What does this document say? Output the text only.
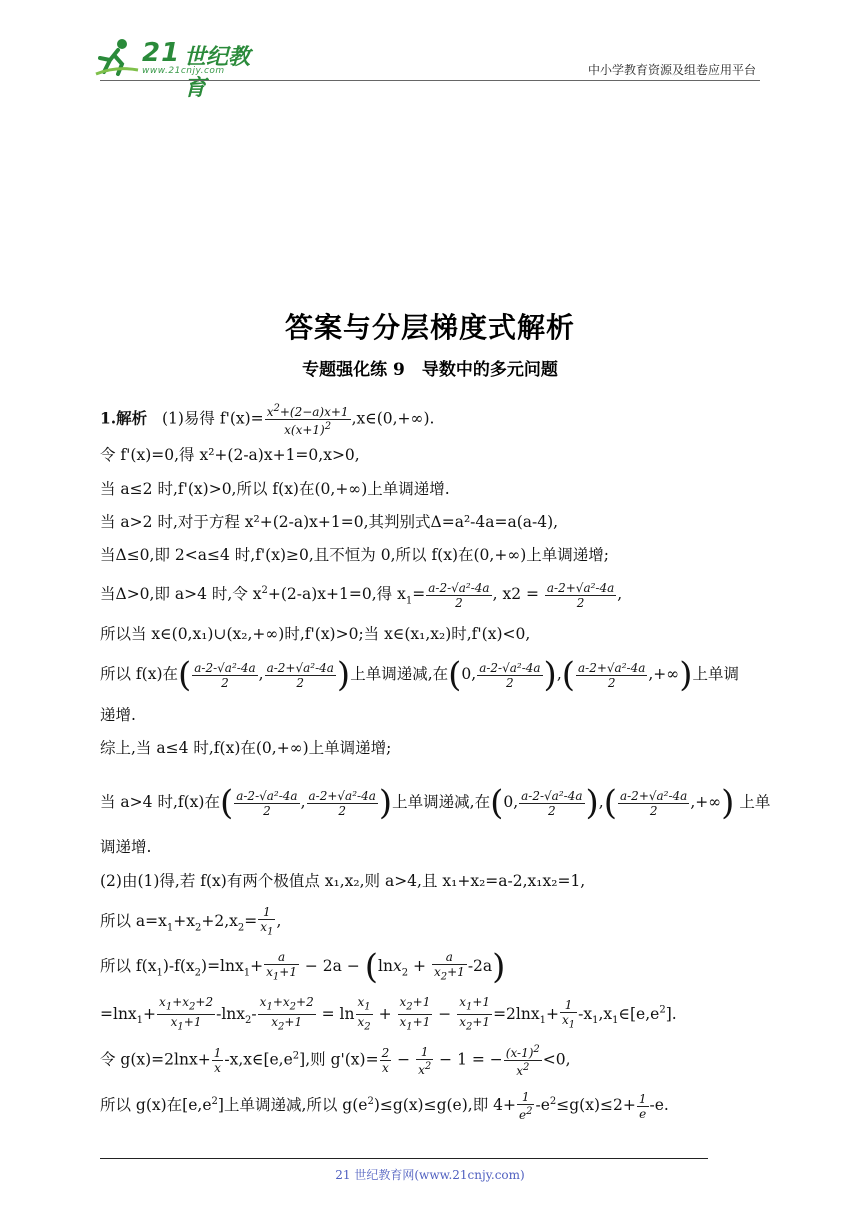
21 世纪教育
www.21cnjy.com	中小学教育资源及组卷应用平台
答案与分层梯度式解析
专题强化练 9　导数中的多元问题
1.解析   (1)易得 $f'(x)= \frac{x^2+(2-a)x+1}{x(x+1)^2}$ ,x∈(0,+∞).
令 f'(x)=0,得 x²+(2-a)x+1=0,x>0,
当 a≤2 时,f'(x)>0,所以 f(x)在(0,+∞)上单调递增.
当 a>2 时,对于方程 x²+(2-a)x+1=0,其判别式Δ=a²-4a=a(a-4),
当Δ≤0,即 2<a≤4 时,f'(x)≥0,且不恒为 0,所以 f(x)在(0,+∞)上单调递增;
当Δ>0,即 a>4 时,令 $x^2+(2-a)x+1=0$,得 $x_1= \frac{\text{a-2-√a²-4a}}{2}$ , $x2 = \frac{\text{a-2+√a²-4a}}{2}$ ,
所以当 x∈(0,x₁)∪(x₂,+∞)时,f'(x)>0;当 x∈(x₁,x₂)时,f'(x)<0,
所以 f(x)在( $\frac{\text{a-2-√a²-4a}}{2}$ , $\frac{\text{a-2+√a²-4a}}{2}$ )上单调递减,在(0, $\frac{\text{a-2-√a²-4a}}{2}$ ),( $\frac{\text{a-2+√a²-4a}}{2}$ ,+∞)上单调
递增.
综上,当 a≤4 时,f(x)在(0,+∞)上单调递增;
当 a>4 时,f(x)在( $\frac{\text{a-2-√a²-4a}}{2}$ , $\frac{\text{a-2+√a²-4a}}{2}$ )上单调递减,在(0, $\frac{\text{a-2-√a²-4a}}{2}$ ),( $\frac{\text{a-2+√a²-4a}}{2}$ ,+∞) 上单
调递增.
(2)由(1)得,若 f(x)有两个极值点 x₁,x₂,则 a>4,且 x₁+x₂=a-2,x₁x₂=1,
所以 $a=x_1+x_2+2,x_2= \frac{1}{x_1}$ ,
所以 $f(x_1)-f(x_2)=\ln x_1+ \frac{a}{x_1+1} - 2a - (\ln x_2 + \frac{a}{x_2+1} -2a)$
$=\ln x_1+ \frac{x_1+x_2+2}{x_1+1} -\ln x_2- \frac{x_1+x_2+2}{x_2+1} = \ln \frac{x_1}{x_2} + \frac{x_2+1}{x_1+1} - \frac{x_1+1}{x_2+1} =2\ln x_1+ \frac{1}{x_1}$ $-x_1,x_1\in[e,e^2]$.
令 $g(x)=2\ln x+ \frac{1}{x}$ $-x,x\in[e,e^2]$,则 $g'(x)= \frac{2}{x} - \frac{1}{x^2} - 1$ = − $\frac{(x-1)^2}{x^2} <0$,
所以 g(x)在$[e,e^2]$上单调递减,所以 $g(e^2)\le g(x)\le g(e)$,即 $4+ \frac{1}{e^2} -e^2\le g(x)\le 2+ \frac{1}{e} -e$.
21 世纪教育网(www.21cnjy.com)
